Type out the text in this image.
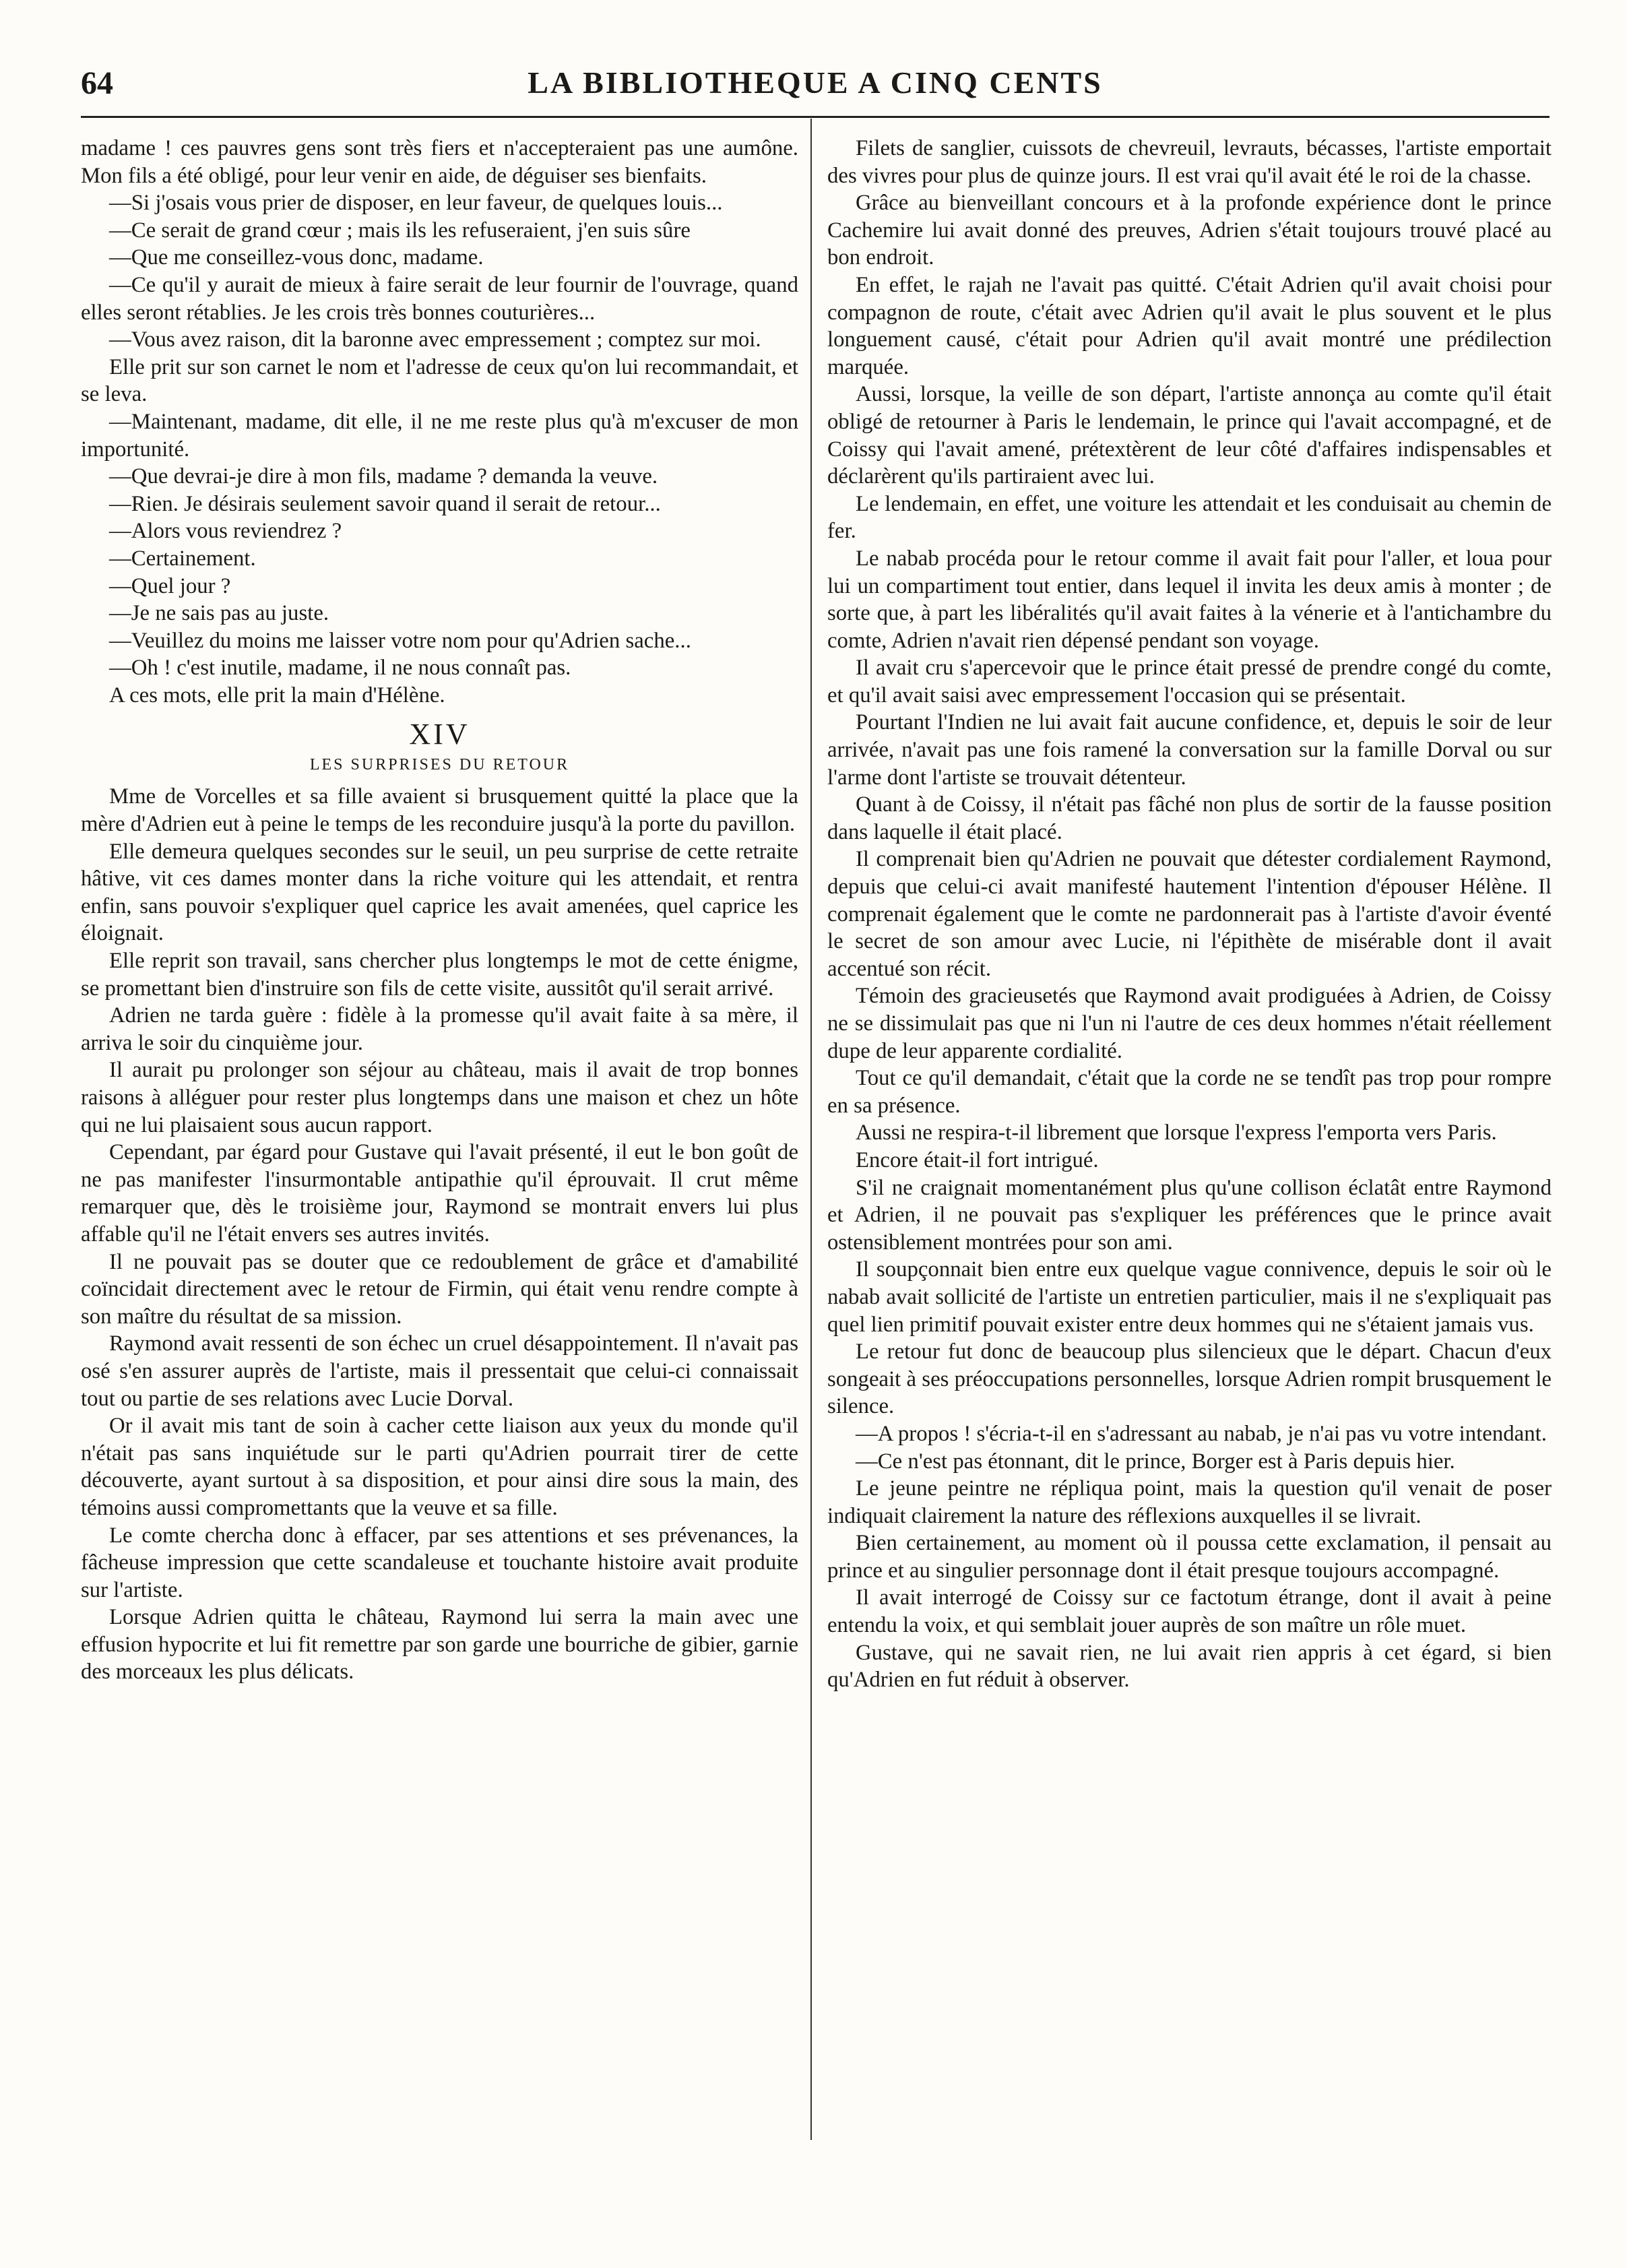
64	LA BIBLIOTHEQUE A CINQ CENTS

madame ! ces pauvres gens sont très fiers et n'accepteraient pas une aumône. Mon fils a été obligé, pour leur venir en aide, de déguiser ses bienfaits.

—Si j'osais vous prier de disposer, en leur faveur, de quelques louis...

—Ce serait de grand cœur ; mais ils les refuseraient, j'en suis sûre

—Que me conseillez-vous donc, madame.

—Ce qu'il y aurait de mieux à faire serait de leur fournir de l'ouvrage, quand elles seront rétablies. Je les crois très bonnes couturières...

—Vous avez raison, dit la baronne avec empressement ; comptez sur moi.

Elle prit sur son carnet le nom et l'adresse de ceux qu'on lui recommandait, et se leva.

—Maintenant, madame, dit elle, il ne me reste plus qu'à m'excuser de mon importunité.

—Que devrai-je dire à mon fils, madame ? demanda la veuve.

—Rien. Je désirais seulement savoir quand il serait de retour...

—Alors vous reviendrez ?

—Certainement.

—Quel jour ?

—Je ne sais pas au juste.

—Veuillez du moins me laisser votre nom pour qu'Adrien sache...

—Oh ! c'est inutile, madame, il ne nous connaît pas.

A ces mots, elle prit la main d'Hélène.

XIV
LES SURPRISES DU RETOUR

Mme de Vorcelles et sa fille avaient si brusquement quitté la place que la mère d'Adrien eut à peine le temps de les reconduire jusqu'à la porte du pavillon.

Elle demeura quelques secondes sur le seuil, un peu surprise de cette retraite hâtive, vit ces dames monter dans la riche voiture qui les attendait, et rentra enfin, sans pouvoir s'expliquer quel caprice les avait amenées, quel caprice les éloignait.

Elle reprit son travail, sans chercher plus longtemps le mot de cette énigme, se promettant bien d'instruire son fils de cette visite, aussitôt qu'il serait arrivé.

Adrien ne tarda guère : fidèle à la promesse qu'il avait faite à sa mère, il arriva le soir du cinquième jour.

Il aurait pu prolonger son séjour au château, mais il avait de trop bonnes raisons à alléguer pour rester plus longtemps dans une maison et chez un hôte qui ne lui plaisaient sous aucun rapport.

Cependant, par égard pour Gustave qui l'avait présenté, il eut le bon goût de ne pas manifester l'insurmontable antipathie qu'il éprouvait. Il crut même remarquer que, dès le troisième jour, Raymond se montrait envers lui plus affable qu'il ne l'était envers ses autres invités.

Il ne pouvait pas se douter que ce redoublement de grâce et d'amabilité coïncidait directement avec le retour de Firmin, qui était venu rendre compte à son maître du résultat de sa mission.

Raymond avait ressenti de son échec un cruel désappointement. Il n'avait pas osé s'en assurer auprès de l'artiste, mais il pressentait que celui-ci connaissait tout ou partie de ses relations avec Lucie Dorval.

Or il avait mis tant de soin à cacher cette liaison aux yeux du monde qu'il n'était pas sans inquiétude sur le parti qu'Adrien pourrait tirer de cette découverte, ayant surtout à sa disposition, et pour ainsi dire sous la main, des témoins aussi compromettants que la veuve et sa fille.

Le comte chercha donc à effacer, par ses attentions et ses prévenances, la fâcheuse impression que cette scandaleuse et touchante histoire avait produite sur l'artiste.

Lorsque Adrien quitta le château, Raymond lui serra la main avec une effusion hypocrite et lui fit remettre par son garde une bourriche de gibier, garnie des morceaux les plus délicats.

Filets de sanglier, cuissots de chevreuil, levrauts, bécasses, l'artiste emportait des vivres pour plus de quinze jours. Il est vrai qu'il avait été le roi de la chasse.

Grâce au bienveillant concours et à la profonde expérience dont le prince Cachemire lui avait donné des preuves, Adrien s'était toujours trouvé placé au bon endroit.

En effet, le rajah ne l'avait pas quitté. C'était Adrien qu'il avait choisi pour compagnon de route, c'était avec Adrien qu'il avait le plus souvent et le plus longuement causé, c'était pour Adrien qu'il avait montré une prédilection marquée.

Aussi, lorsque, la veille de son départ, l'artiste annonça au comte qu'il était obligé de retourner à Paris le lendemain, le prince qui l'avait accompagné, et de Coissy qui l'avait amené, prétextèrent de leur côté d'affaires indispensables et déclarèrent qu'ils partiraient avec lui.

Le lendemain, en effet, une voiture les attendait et les conduisait au chemin de fer.

Le nabab procéda pour le retour comme il avait fait pour l'aller, et loua pour lui un compartiment tout entier, dans lequel il invita les deux amis à monter ; de sorte que, à part les libéralités qu'il avait faites à la vénerie et à l'antichambre du comte, Adrien n'avait rien dépensé pendant son voyage.

Il avait cru s'apercevoir que le prince était pressé de prendre congé du comte, et qu'il avait saisi avec empressement l'occasion qui se présentait.

Pourtant l'Indien ne lui avait fait aucune confidence, et, depuis le soir de leur arrivée, n'avait pas une fois ramené la conversation sur la famille Dorval ou sur l'arme dont l'artiste se trouvait détenteur.

Quant à de Coissy, il n'était pas fâché non plus de sortir de la fausse position dans laquelle il était placé.

Il comprenait bien qu'Adrien ne pouvait que détester cordialement Raymond, depuis que celui-ci avait manifesté hautement l'intention d'épouser Hélène. Il comprenait également que le comte ne pardonnerait pas à l'artiste d'avoir éventé le secret de son amour avec Lucie, ni l'épithète de misérable dont il avait accentué son récit.

Témoin des gracieusetés que Raymond avait prodiguées à Adrien, de Coissy ne se dissimulait pas que ni l'un ni l'autre de ces deux hommes n'était réellement dupe de leur apparente cordialité.

Tout ce qu'il demandait, c'était que la corde ne se tendît pas trop pour rompre en sa présence.

Aussi ne respira-t-il librement que lorsque l'express l'emporta vers Paris.

Encore était-il fort intrigué.

S'il ne craignait momentanément plus qu'une collison éclatât entre Raymond et Adrien, il ne pouvait pas s'expliquer les préférences que le prince avait ostensiblement montrées pour son ami.

Il soupçonnait bien entre eux quelque vague connivence, depuis le soir où le nabab avait sollicité de l'artiste un entretien particulier, mais il ne s'expliquait pas quel lien primitif pouvait exister entre deux hommes qui ne s'étaient jamais vus.

Le retour fut donc de beaucoup plus silencieux que le départ. Chacun d'eux songeait à ses préoccupations personnelles, lorsque Adrien rompit brusquement le silence.

—A propos ! s'écria-t-il en s'adressant au nabab, je n'ai pas vu votre intendant.

—Ce n'est pas étonnant, dit le prince, Borger est à Paris depuis hier.

Le jeune peintre ne répliqua point, mais la question qu'il venait de poser indiquait clairement la nature des réflexions auxquelles il se livrait.

Bien certainement, au moment où il poussa cette exclamation, il pensait au prince et au singulier personnage dont il était presque toujours accompagné.

Il avait interrogé de Coissy sur ce factotum étrange, dont il avait à peine entendu la voix, et qui semblait jouer auprès de son maître un rôle muet.

Gustave, qui ne savait rien, ne lui avait rien appris à cet égard, si bien qu'Adrien en fut réduit à observer.
